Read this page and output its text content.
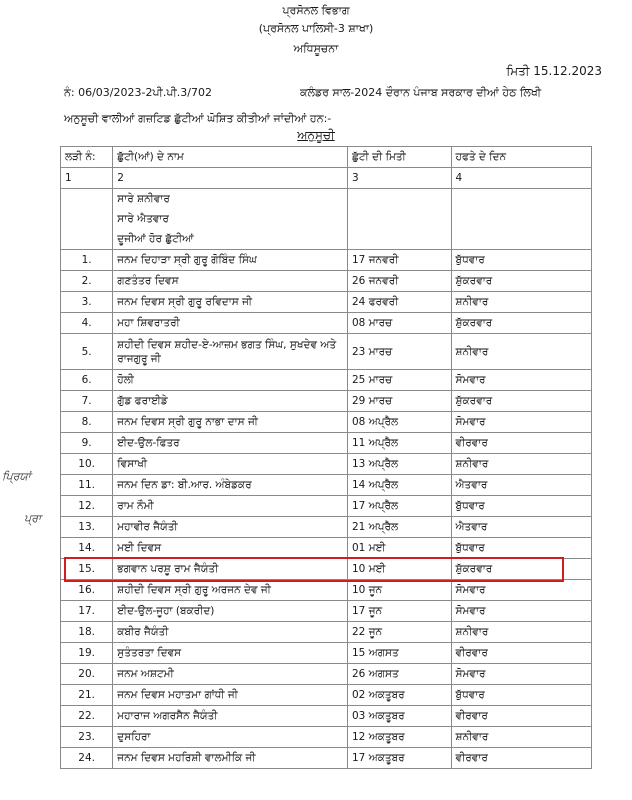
ਪ੍ਰਸੋਨਲ ਵਿਭਾਗ
(ਪ੍ਰਸੋਨਲ ਪਾਲਿਸੀ-3 ਸ਼ਾਖਾ)
ਅਧਿਸੂਚਨਾ
ਮਿਤੀ 15.12.2023
ਨੰ: 06/03/2023-2ਪੀ.ਪੀ.3/702	ਕਲੰਡਰ ਸਾਲ-2024 ਦੌਰਾਨ ਪੰਜਾਬ ਸਰਕਾਰ ਦੀਆਂ ਹੇਠ ਲਿਖੀ
ਅਨੁਸੂਚੀ ਵਾਲੀਆਂ ਗਜ਼ਟਿਡ ਛੁੱਟੀਆਂ ਘੋਸ਼ਿਤ ਕੀਤੀਆਂ ਜਾਂਦੀਆਂ ਹਨ:-
ਅਨੁਸੂਚੀ
ਲੜੀ ਨੰ:	ਛੁੱਟੀ(ਆਂ) ਦੇ ਨਾਮ	ਛੁੱਟੀ ਦੀ ਮਿਤੀ	ਹਫਤੇ ਦੇ ਦਿਨ
1	2	3	4
	ਸਾਰੇ ਸ਼ਨੀਵਾਰ		
	ਸਾਰੇ ਐਤਵਾਰ		
	ਦੂਜੀਆਂ ਹੋਰ ਛੁੱਟੀਆਂ		
1.	ਜਨਮ ਦਿਹਾੜਾ ਸ੍ਰੀ ਗੁਰੂ ਗੋਬਿੰਦ ਸਿੰਘ	17 ਜਨਵਰੀ	ਬੁੱਧਵਾਰ
2.	ਗਣਤੰਤਰ ਦਿਵਸ	26 ਜਨਵਰੀ	ਸ਼ੁੱਕਰਵਾਰ
3.	ਜਨਮ ਦਿਵਸ ਸ੍ਰੀ ਗੁਰੂ ਰਵਿਦਾਸ ਜੀ	24 ਫਰਵਰੀ	ਸ਼ਨੀਵਾਰ
4.	ਮਹਾ ਸ਼ਿਵਰਾਤਰੀ	08 ਮਾਰਚ	ਸ਼ੁੱਕਰਵਾਰ
5.	ਸ਼ਹੀਦੀ ਦਿਵਸ ਸ਼ਹੀਦ-ਏ-ਆਜ਼ਮ ਭਗਤ ਸਿੰਘ, ਸੁਖਦੇਵ ਅਤੇ ਰਾਜਗੁਰੂ ਜੀ	23 ਮਾਰਚ	ਸ਼ਨੀਵਾਰ
6.	ਹੋਲੀ	25 ਮਾਰਚ	ਸੋਮਵਾਰ
7.	ਗੁੱਡ ਫਰਾਈਡੇ	29 ਮਾਰਚ	ਸ਼ੁੱਕਰਵਾਰ
8.	ਜਨਮ ਦਿਵਸ ਸ੍ਰੀ ਗੁਰੂ ਨਾਭਾ ਦਾਸ ਜੀ	08 ਅਪ੍ਰੈਲ	ਸੋਮਵਾਰ
9.	ਈਦ-ਉਲ-ਫਿਤਰ	11 ਅਪ੍ਰੈਲ	ਵੀਰਵਾਰ
10.	ਵਿਸਾਖੀ	13 ਅਪ੍ਰੈਲ	ਸ਼ਨੀਵਾਰ
11.	ਜਨਮ ਦਿਨ ਡਾ: ਬੀ.ਆਰ. ਅੰਬੇਡਕਰ	14 ਅਪ੍ਰੈਲ	ਐਤਵਾਰ
12.	ਰਾਮ ਨੌਮੀ	17 ਅਪ੍ਰੈਲ	ਬੁੱਧਵਾਰ
13.	ਮਹਾਵੀਰ ਜੈਯੰਤੀ	21 ਅਪ੍ਰੈਲ	ਐਤਵਾਰ
14.	ਮਈ ਦਿਵਸ	01 ਮਈ	ਬੁੱਧਵਾਰ
15.	ਭਗਵਾਨ ਪਰਸ਼ੂ ਰਾਮ ਜੈਯੰਤੀ	10 ਮਈ	ਸ਼ੁੱਕਰਵਾਰ
16.	ਸ਼ਹੀਦੀ ਦਿਵਸ ਸ੍ਰੀ ਗੁਰੂ ਅਰਜਨ ਦੇਵ ਜੀ	10 ਜੂਨ	ਸੋਮਵਾਰ
17.	ਈਦ-ਉਲ-ਜੂਹਾ (ਬਕਰੀਦ)	17 ਜੂਨ	ਸੋਮਵਾਰ
18.	ਕਬੀਰ ਜੈਯੰਤੀ	22 ਜੂਨ	ਸ਼ਨੀਵਾਰ
19.	ਸੁਤੰਤਰਤਾ ਦਿਵਸ	15 ਅਗਸਤ	ਵੀਰਵਾਰ
20.	ਜਨਮ ਅਸ਼ਟਮੀ	26 ਅਗਸਤ	ਸੋਮਵਾਰ
21.	ਜਨਮ ਦਿਵਸ ਮਹਾਤਮਾ ਗਾਂਧੀ ਜੀ	02 ਅਕਤੂਬਰ	ਬੁੱਧਵਾਰ
22.	ਮਹਾਰਾਜ ਅਗਰਸੈਨ ਜੈਯੰਤੀ	03 ਅਕਤੂਬਰ	ਵੀਰਵਾਰ
23.	ਦੁਸਹਿਰਾ	12 ਅਕਤੂਬਰ	ਸ਼ਨੀਵਾਰ
24.	ਜਨਮ ਦਿਵਸ ਮਹਰਿਸ਼ੀ ਵਾਲਮੀਕਿ ਜੀ	17 ਅਕਤੂਬਰ	ਵੀਰਵਾਰ
ਪ੍ਰਿਯਾਂ
ਪ੍ਰਾ
